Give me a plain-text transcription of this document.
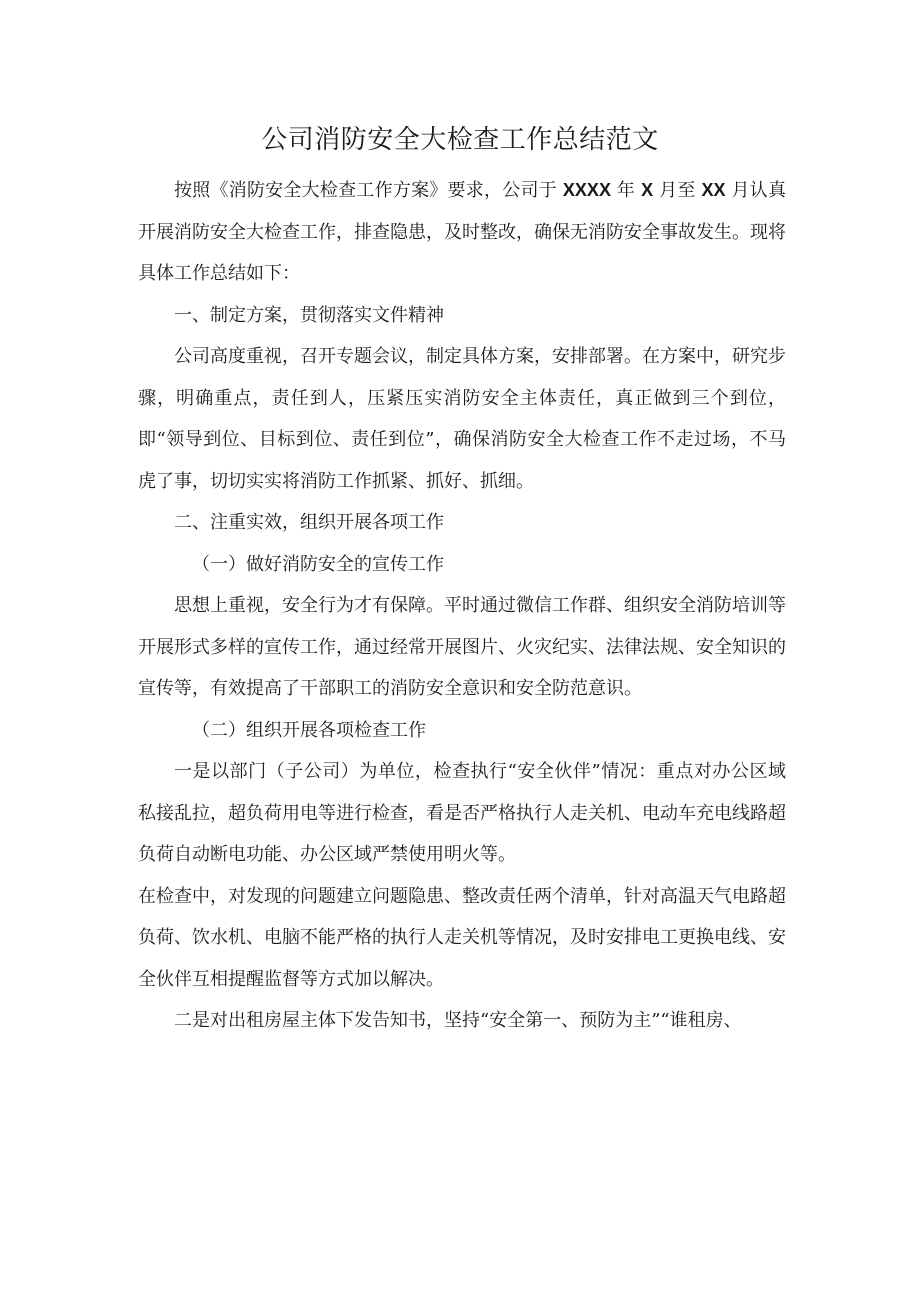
公司消防安全大检查工作总结范文

按照《消防安全大检查工作方案》要求，公司于 XXXX 年 X 月至 XX 月认真开展消防安全大检查工作，排查隐患，及时整改，确保无消防安全事故发生。现将具体工作总结如下：

一、制定方案，贯彻落实文件精神

公司高度重视，召开专题会议，制定具体方案，安排部署。在方案中，研究步骤，明确重点，责任到人，压紧压实消防安全主体责任，真正做到三个到位，即“领导到位、目标到位、责任到位”，确保消防安全大检查工作不走过场，不马虎了事，切切实实将消防工作抓紧、抓好、抓细。

二、注重实效，组织开展各项工作

（一）做好消防安全的宣传工作

思想上重视，安全行为才有保障。平时通过微信工作群、组织安全消防培训等开展形式多样的宣传工作，通过经常开展图片、火灾纪实、法律法规、安全知识的宣传等，有效提高了干部职工的消防安全意识和安全防范意识。

（二）组织开展各项检查工作

一是以部门（子公司）为单位，检查执行“安全伙伴”情况：重点对办公区域私接乱拉，超负荷用电等进行检查，看是否严格执行人走关机、电动车充电线路超负荷自动断电功能、办公区域严禁使用明火等。

在检查中，对发现的问题建立问题隐患、整改责任两个清单，针对高温天气电路超负荷、饮水机、电脑不能严格的执行人走关机等情况，及时安排电工更换电线、安全伙伴互相提醒监督等方式加以解决。

二是对出租房屋主体下发告知书，坚持“安全第一、预防为主”“谁租房、
